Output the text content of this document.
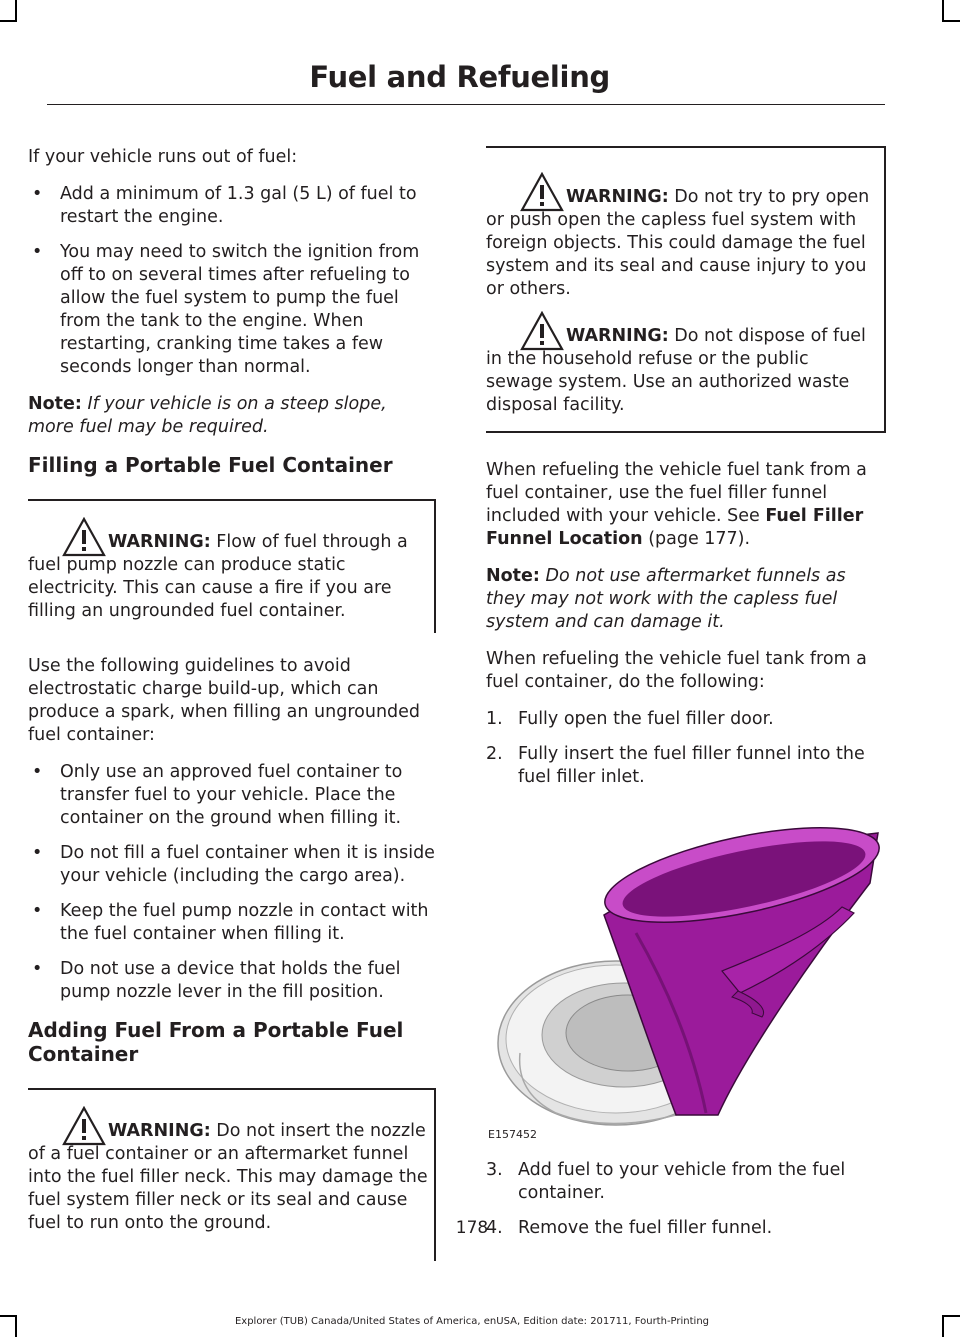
Fuel and Refueling

If your vehicle runs out of fuel:

• Add a minimum of 1.3 gal (5 L) of fuel to restart the engine.
• You may need to switch the ignition from off to on several times after refueling to allow the fuel system to pump the fuel from the tank to the engine. When restarting, cranking time takes a few seconds longer than normal.

Note: If your vehicle is on a steep slope, more fuel may be required.

Filling a Portable Fuel Container
WARNING: Flow of fuel through a fuel pump nozzle can produce static electricity. This can cause a fire if you are filling an ungrounded fuel container.

Use the following guidelines to avoid electrostatic charge build-up, which can produce a spark, when filling an ungrounded fuel container:

• Only use an approved fuel container to transfer fuel to your vehicle. Place the container on the ground when filling it.
• Do not fill a fuel container when it is inside your vehicle (including the cargo area).
• Keep the fuel pump nozzle in contact with the fuel container when filling it.
• Do not use a device that holds the fuel pump nozzle lever in the fill position.
Adding Fuel From a Portable Fuel Container
WARNING: Do not insert the nozzle of a fuel container or an aftermarket funnel into the fuel filler neck. This may damage the fuel system filler neck or its seal and cause fuel to run onto the ground.
WARNING: Do not try to pry open or push open the capless fuel system with foreign objects. This could damage the fuel system and its seal and cause injury to you or others.
WARNING: Do not dispose of fuel in the household refuse or the public sewage system. Use an authorized waste disposal facility.

When refueling the vehicle fuel tank from a fuel container, use the fuel filler funnel included with your vehicle. See Fuel Filler Funnel Location (page 177).

Note: Do not use aftermarket funnels as they may not work with the capless fuel system and can damage it.

When refueling the vehicle fuel tank from a fuel container, do the following:

1. Fully open the fuel filler door.
2. Fully insert the fuel filler funnel into the fuel filler inlet.
E157452
3. Add fuel to your vehicle from the fuel container.
4. Remove the fuel filler funnel.
178
Explorer (TUB) Canada/United States of America, enUSA, Edition date: 201711, Fourth-Printing
